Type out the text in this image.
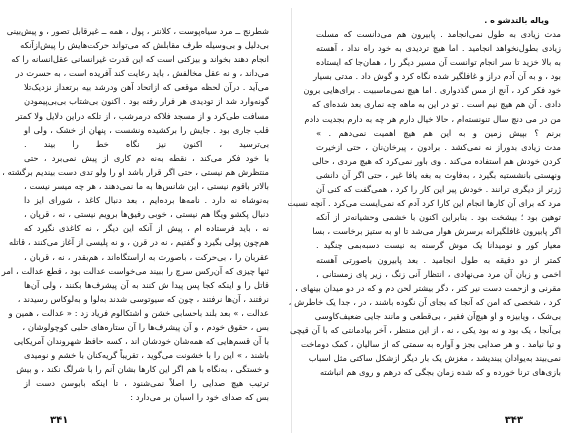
شطرنج ــ مرد سیاه‌پوست ، کلانتر ، پول ، همه ــ غیرقابل تصور ، و پیش‌بینی
بی‌دلیل و بی‌وسیله طرف مقابلش که می‌تواند حرکت‌هایش را پیش‌ازآنکه
انجام دهند بخواند و بیزکنی است که این قدرت غیرانسانی عقل‌انسانه را که
می‌داند ، و نه عقل مخالفش ، باید رعایت کند آفریده است ، به حسرت در
می‌آید . درآن لحظه موقعی که ازاتحاد آهن ودرشد بیه برتعداز نزدیک‌تلا
گونه‌وارد شد از تودیدی هر فرار رفته بود . اکنون بی‌شتاب بی‌بی‌پیمودن
مسافت طی‌کرد و از مسجد فلاکه درمرشب ، از تلکه دراین دلایل ولا کمتر
قلب جاری بود . جایش را برکشیده ونشست ، پنهان از خشک ، ولی او
بی‌ترسید ، اکنون نیز نگاه خط را بیند .
با خود فکر می‌کند ، نقطه به‌نه دم کاری از پیش نمی‌برد ، حتی
منتظرش هم نیستی ، حتی اگر قرار باشد او را ولو تدی دست بیندیم برگشته ،
بالاتر باقوم نیستی ، این شانس‌ها به ما نمی‌دهند ، هر چه میسر نیست ،
به‌نوشاه نه دارد . نامه‌ها برده‌ایم ، بعد دنبال کاغذ ، شورای ایز دا
دنبال پکشو ویگا هم نیستی ، خوبی رفیق‌ها برویم نیستی ، نه ، قرپان ،
نه ، باید فرستاده ام ، پیش از آنکه این دیگر ، نه کاغذی نگیرد که
هم‌چون پولی بگیرد و گفتیم ، نه در قرن ، و نه پلیسی از آغاز می‌کنند ، قاتله
عقربان را ، بی‌حرکت ، باصورت به اراستگاه‌اند ، هم‌بقدر ، نه ، قربان ،
ثنها چیزی که آن‌رکس سرچ را ببیند می‌خواست عدالت بود ، قطع عدالت ، امر
قاتل را و اینکه کجا پس پیدا ش کنند به آن پیشرف‌ها بکنند ، ولی آن‌ها
نرفتند ، آن‌ها نرفتند ، چون که سیوتوسی شدند به‌لوا و به‌لوکاس رسید‌ند ،
عدالت ، » بعد بلند باحسابی خشن و اشتکالوم فریاد زد : « عدالت ، همین و
بس ، حقوق خودم ، و آن پیشرف‌ها را آن ستاره‌های حلبی کوچولوشان ،
با آن قسم‌هایی که همه‌شان خودشان اند ، کسه حافظ شهروندان آمریکایی
باشند ، » این را با خشونت می‌گوید ، تقریباً گریه‌کنان با خشم و نومیدی
و خستگی ، ‌به‌نگاه با هم اگر این کارها بشان آنم را با شرلگ نکند ، و بیش
ترتیب هیچ صدایی را اصلاً نمی‌شنود ، تا اینکه بابوسن دست از
بس که صدای خود را اسبان بر می‌دارد :
۳۴۱
ویاله بالتدشو ه .
مدت زیادی به طول نمی‌انجامد . پابیرون هم می‌دانست که مسلت
زیادی بطول‌نخواهد انجامید . اما هیچ تردیدی به خود راه نداد ، آهسته
به بالا خزید تا سر انجام توانست آن مسیر دیگر را ، همان‌جا که ایستاده
بود ، و به آن آدم دراز و غافلگیر شده نگاه کرد و گوش داد . مدتی بسیار
خود فکر کرد ، آنج از مس گذدواری . اما هیچ نمی‌ماسبیت . برای‌هایی برون
دادی . آن هم هیچ نیم است . تو در این به ماهه چه نماری بعد شده‌ای که
من در می دنچ سال تنونسته‌ام ، حالا خیال دارم هر چه به دارم بجدیت دادم
برنم ؟ بپیش ‌زمین و به این هم هیچ اهمیت نمی‌دهم . »
مدت زیادی بدوراز نه نمی‌کشد . برادون ، پیرخان‌نان ، حتی ازخیرت
کردن خودش هم استفاده می‌کند . وی باور نمی‌کرد که هیچ مردی ، حالی
ونهستی بانشستیه بگیرد ، به‌فاوت به بغه یافا غیر ، حتی اگر آن دانشی
ژرتر از دیگری ترانند . خودش پیر این کار را کرد ، همی‌گفت که کنی آن
مرد که برای آن کارها انجام این کارا کرد آدم که نمی‌ایست می‌کرد . آنچه نسبت
توهین بود ؛ بیشخت بود . بنابراین اکنون با خشمی وحشیانه‌تر از آنکه
اگر پابیرون غافلگیرانه برسرش هوار می‌شد تا او به ستیز برخاست ، بسا
معیار کور و نومیدانا یک موش گرسنه به نیست دسبه‌بمی چنگید .
کمتر از دو دقیقه به طول انجامید . بعد پابیرون باصورتی آهسته
اخمی و زبان آن مرد می‌نهادی ، انتظار آنی زنگ ، زیر پای زمستانی ،
مقرنی و ازحمت دست نیر کتر ، دگر بیشتر لحن دم و که در دو میدان بینهای ،
کرد ، شخصی که امن که آنجا که بجای آن نگوده باشند ، در ، جدا یک خاطرش ،
بی‌شک ، ویابیزه و او هیچ‌آن فقیر ، بی‌قطعی و مانند جایی ضعیف‌کاوسی
بی‌آنجا ، یک بود و نه بود یکی ، نه ، از این منتظر ، آخر بیادمانتی که با آن قیچی
و تیا نیامد . و هر صدایی بجز و آواره به سمتی که از سالیان ، کمک دوماخت
نمی‌بیند به‌یوادان یبندیشد ، مغزش یک بار دیگر ازشکل ساکتی مثل اسباب
بازی‌های ترنا خورده و که شده زمان بجگی که درهم و روی هم انباشته
۳۴۳
